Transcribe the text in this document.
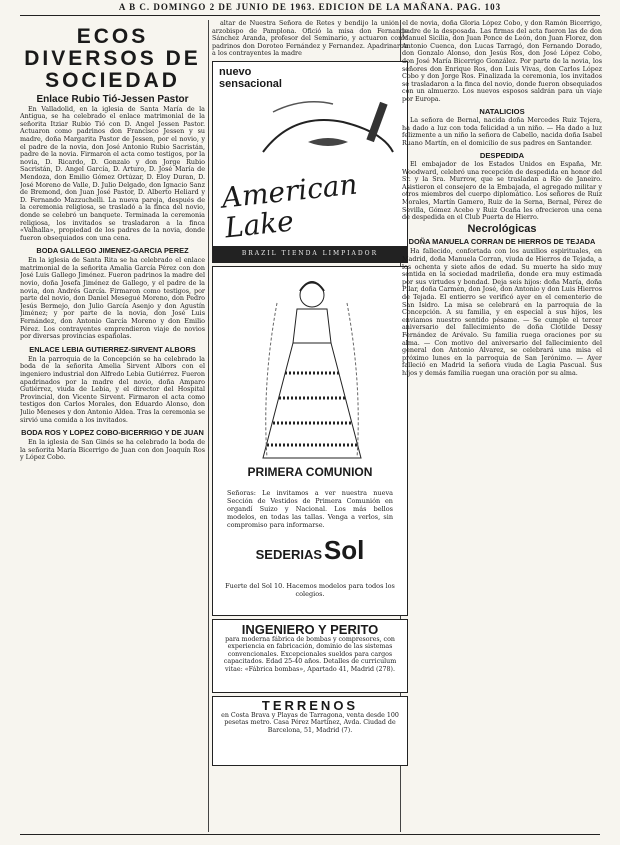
A B C. DOMINGO 2 DE JUNIO DE 1963. EDICION DE LA MAÑANA. PAG. 103
ECOS DIVERSOS DE SOCIEDAD
Enlace Rubio Tió-Jessen Pastor

En Valladolid, en la iglesia de Santa María de la Antigua, se ha celebrado el enlace matrimonial de la señorita Itziar Rubio Tió con D. Angel Jessen Pastor. Actuaron como padrinos don Francisco Jessen y su madre, doña Margarita Pastor de Jessen, por el novio, y el padre de la novia, don José Antonio Rubio Sacristán, padre de la novia. Firmaron el acta como testigos, por la novia, D. Ricardo, D. Gonzalo y don Jorge Rubio Sacristán, D. Angel García, D. Arturo, D. José María de Mendoza, don Emilio Gómez Ortúzar, D. Eloy Duran, D. José Moreno de Valle, D. Julio Delgado, don Ignacio Sanz de Bremond, don Juan José Pastor, D. Alberto Heliard y D. Fernando Mazzuchelli. La nueva pareja, después de la ceremonia religiosa, se trasladó a la finca del novio, donde se celebró un banquete. Terminada la ceremonia religiosa, los invitados se trasladaron a la finca «Valhalla», propiedad de los padres de la novia, donde fueron obsequiados con una cena.

BODA GALLEGO JIMENEZ-GARCIA PEREZ

En la iglesia de Santa Rita se ha celebrado el enlace matrimonial de la señorita Amalia García Pérez con don José Luis Gallego Jiménez. Fueron padrinos la madre del novio, doña Josefa Jiménez de Gallego, y el padre de la novia, don Andrés García. Firmaron como testigos, por parte del novio, don Daniel Mesegué Moreno, don Pedro Jesús Bermejo, don Julio García Asenjo y don Agustín Jiménez; y por parte de la novia, don José Luis Fernández, don Antonio García Moreno y don Emilio Pérez. Los contrayentes emprendieron viaje de novios por diversas provincias españolas.

ENLACE LEBIA GUTIERREZ-SIRVENT ALBORS

En la parroquia de la Concepción se ha celebrado la boda de la señorita Amelia Sirvent Albors con el ingeniero industrial don Alfredo Lebia Gutiérrez. Fueron apadrinados por la madre del novio, doña Amparo Gutiérrez, viuda de Lebia, y el director del Hospital Provincial, don Vicente Sirvent. Firmaron el acta como testigos don Carlos Morales, don Eduardo Alonso, don Julio Meneses y don Antonio Aldea. Tras la ceremonia se sirvió una comida a los invitados.

BODA ROS Y LOPEZ COBO-BICERRIGO Y DE JUAN

En la iglesia de San Ginés se ha celebrado la boda de la señorita María Bicerrigo de Juan con don Joaquín Ros y López Cobo.

altar de Nuestra Señora de Retes y bendijo la unión el arzobispo de Pamplona. Ofició la misa don Fernando Sánchez Aranda, profesor del Seminario, y actuaron como padrinos don Doroteo Fernández y Fernandez. Apadrinaron a los contrayentes la madre

nuevo
sensacional
American Lake
BRAZIL TIENDA LIMPIADOR
PRIMERA COMUNION
Señoras: Le invitamos a ver nuestra nueva Sección de Vestidos de Primera Comunión en organdí Suizo y Nacional. Los más bellos modelos, en todas las tallas. Venga a verlos, sin compromiso para informarse.
SEDERIAS Sol
Fuerte del Sol 10. Hacemos modelos para todos los colegios.
INGENIERO Y PERITO
para moderna fábrica de bombas y compresores, con experiencia en fabricación, dominio de las sistemas convencionales. Excepcionales sueldos para cargos capacitados. Edad 25-40 años. Detalles de curriculum vitae: «Fábrica bombas», Apartado 41, Madrid (278).
TERRENOS
en Costa Brava y Playas de Tarragona, venta desde 100 pesetas metro. Casa Pérez Martínez, Avda. Ciudad de Barcelona, 51, Madrid (7).

de novia, doña Gloria López Cobo, y don Ramón Bicerrigo, padre de la desposada. Las firmas del acta fueron las de don Manuel Sicilia, don Juan Ponce de León, don Juan Florez, don Antonio Cuenca, don Lucas Tarragó, don Fernando Dorado, don Gonzalo Alonso, don Jesús Ros, don José López Cobo, don José María Bicerrigo González. Por parte de la novia, los señores don Enrique Ros, don Luis Vivas, don Carlos López Cobo y don Jorge Ros. Finalizada la ceremonia, los invitados se trasladaron a la finca del novio, donde fueron obsequiados con un almuerzo. Los nuevos esposos saldrán para un viaje por Europa.

NATALICIOS

La señora de Bernal, nacida doña Mercedes Ruiz Tejera, ha dado a luz con toda felicidad a un niño. — Ha dado a luz felizmente a un niño la señora de Cabello, nacida doña Isabel Ruano Martín, en el domicilio de sus padres en Santander.

DESPEDIDA

El embajador de los Estados Unidos en España, Mr. Woodward, celebró una recepción de despedida en honor del Sr. y la Sra. Murrow, que se trasladan a Río de Janeiro. Asistieron el consejero de la Embajada, el agregado militar y otros miembros del cuerpo diplomático. Los señores de Ruiz Morales, Martín Gamero, Ruiz de la Serna, Bernal, Pérez de Sevilla, Gómez Acebo y Ruiz Ocaña les ofrecieron una cena de despedida en el Club Puerta de Hierro.

Necrológicas
DOÑA MANUELA CORRAN DE HIERROS DE TEJADA

Ha fallecido, confortada con los auxilios espirituales, en Madrid, doña Manuela Corran, viuda de Hierros de Tejada, a los ochenta y siete años de edad. Su muerte ha sido muy sentida en la sociedad madrileña, donde era muy estimada por sus virtudes y bondad. Deja seis hijos: doña María, doña Pilar, doña Carmen, don José, don Antonio y don Luis Hierros de Tejada. El entierro se verificó ayer en el cementerio de San Isidro. La misa se celebrará en la parroquia de la Concepción. A su familia, y en especial a sus hijos, les enviamos nuestro sentido pésame. — Se cumple el tercer aniversario del fallecimiento de doña Clotilde Dessy Fernández de Arévalo. Su familia ruega oraciones por su alma. — Con motivo del aniversario del fallecimiento del general don Antonio Alvarez, se celebrará una misa el próximo lunes en la parroquia de San Jerónimo. — Ayer falleció en Madrid la señora viuda de Lagia Pascual. Sus hijos y demás familia ruegan una oración por su alma.
